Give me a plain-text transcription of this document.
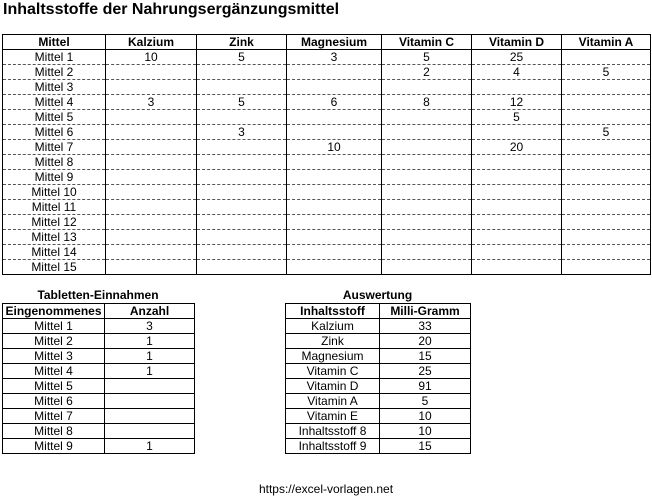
Inhaltsstoffe der Nahrungsergänzungsmittel
Mittel	Kalzium	Zink	Magnesium	Vitamin C	Vitamin D	Vitamin A
Mittel 1	10	5	3	5	25	
Mittel 2				2	4	5
Mittel 3						
Mittel 4	3	5	6	8	12	
Mittel 5					5	
Mittel 6		3				5
Mittel 7			10		20	
Mittel 8						
Mittel 9						
Mittel 10						
Mittel 11						
Mittel 12						
Mittel 13						
Mittel 14						
Mittel 15						
Tabletten-Einnahmen
Eingenommenes	Anzahl
Mittel 1	3
Mittel 2	1
Mittel 3	1
Mittel 4	1
Mittel 5	
Mittel 6	
Mittel 7	
Mittel 8	
Mittel 9	1
Auswertung
Inhaltsstoff	Milli-Gramm
Kalzium	33
Zink	20
Magnesium	15
Vitamin C	25
Vitamin D	91
Vitamin A	5
Vitamin E	10
Inhaltsstoff 8	10
Inhaltsstoff 9	15
https://excel-vorlagen.net
